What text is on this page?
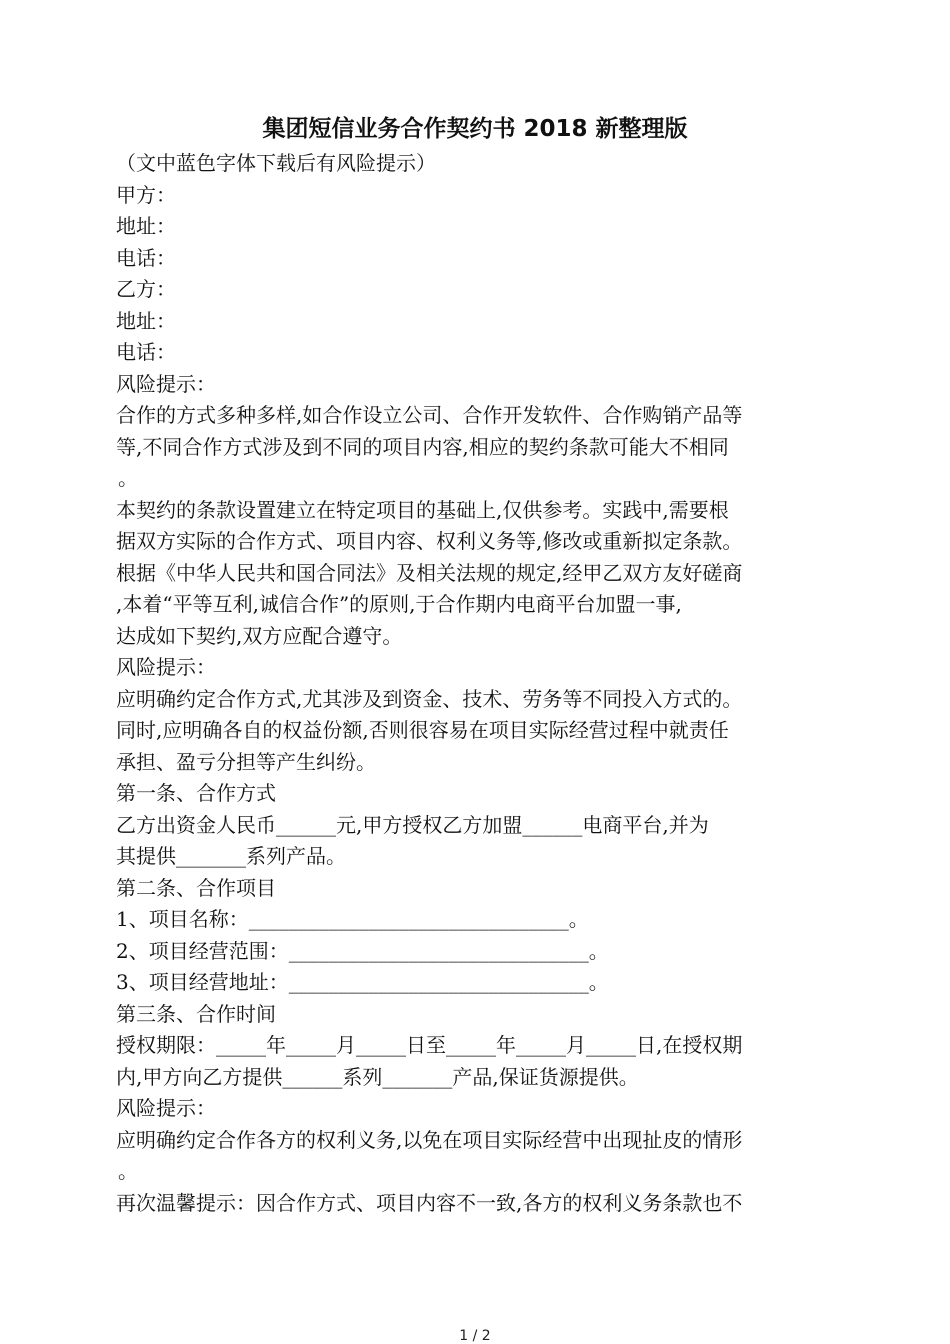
集团短信业务合作契约书 2018 新整理版

（文中蓝色字体下载后有风险提示）

甲方：

地址：

电话：

乙方：

地址：

电话：

风险提示：

合作的方式多种多样,如合作设立公司、合作开发软件、合作购销产品等

等,不同合作方式涉及到不同的项目内容,相应的契约条款可能大不相同

。

本契约的条款设置建立在特定项目的基础上,仅供参考。实践中,需要根

据双方实际的合作方式、项目内容、权利义务等,修改或重新拟定条款。

根据《中华人民共和国合同法》及相关法规的规定,经甲乙双方友好磋商

,本着“平等互利,诚信合作”的原则,于合作期内电商平台加盟一事,

达成如下契约,双方应配合遵守。

风险提示：

应明确约定合作方式,尤其涉及到资金、技术、劳务等不同投入方式的。

同时,应明确各自的权益份额,否则很容易在项目实际经营过程中就责任

承担、盈亏分担等产生纠纷。

第一条、合作方式

乙方出资金人民币______元,甲方授权乙方加盟______电商平台,并为

其提供_______系列产品。

第二条、合作项目

1、项目名称：________________________________。

2、项目经营范围：______________________________。

3、项目经营地址：______________________________。

第三条、合作时间

授权期限：_____年_____月_____日至_____年_____月_____日,在授权期

内,甲方向乙方提供______系列_______产品,保证货源提供。

风险提示：

应明确约定合作各方的权利义务,以免在项目实际经营中出现扯皮的情形

。

再次温馨提示：因合作方式、项目内容不一致,各方的权利义务条款也不

1 / 2
